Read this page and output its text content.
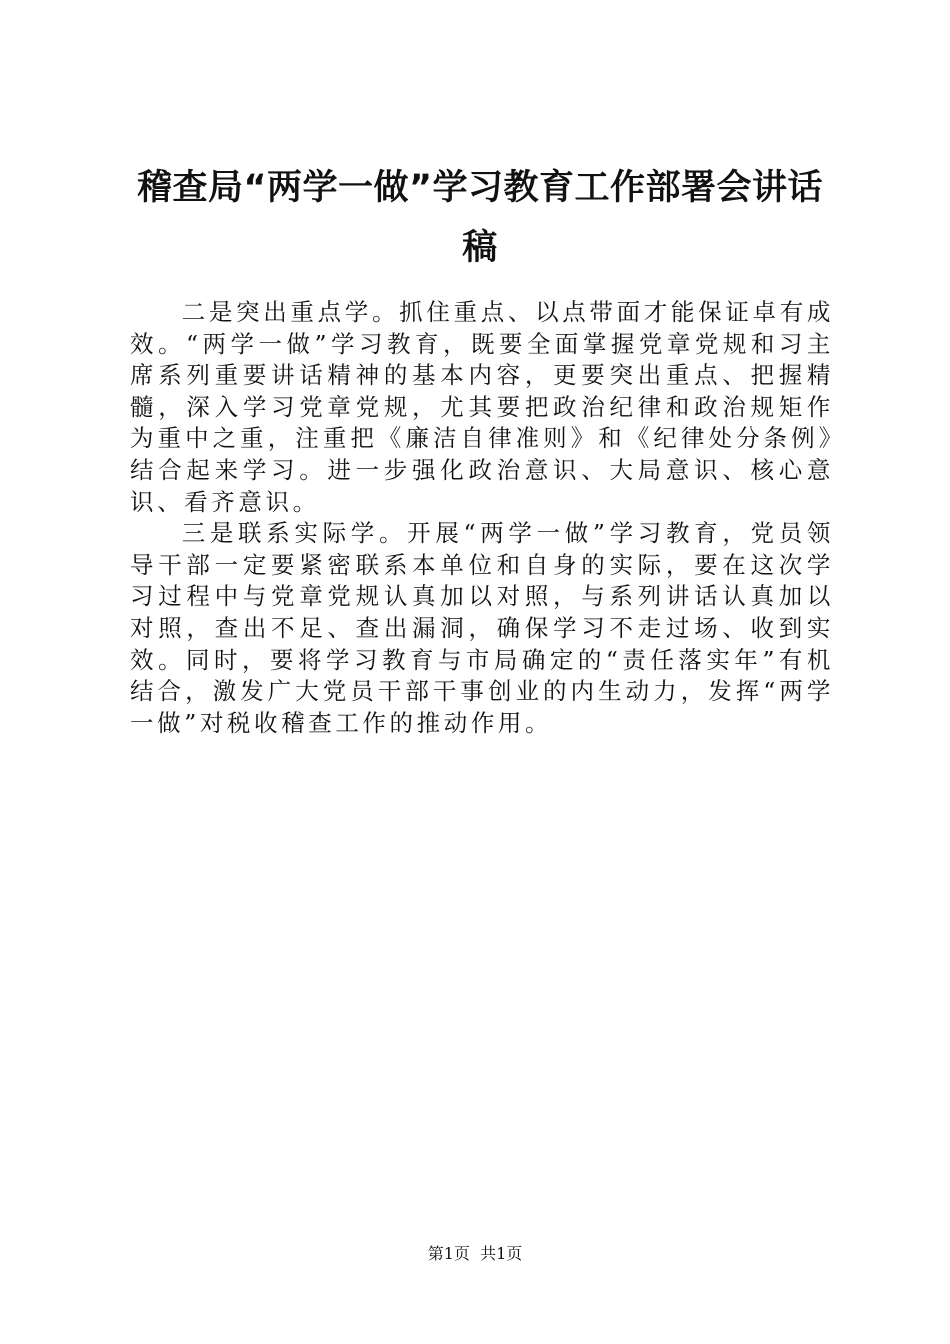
稽查局“两学一做”学习教育工作部署会讲话稿

二是突出重点学。抓住重点、以点带面才能保证卓有成效。“两学一做”学习教育，既要全面掌握党章党规和习主席系列重要讲话精神的基本内容，更要突出重点、把握精髓，深入学习党章党规，尤其要把政治纪律和政治规矩作为重中之重，注重把《廉洁自律准则》和《纪律处分条例》结合起来学习。进一步强化政治意识、大局意识、核心意识、看齐意识。

三是联系实际学。开展“两学一做”学习教育，党员领导干部一定要紧密联系本单位和自身的实际，要在这次学习过程中与党章党规认真加以对照，与系列讲话认真加以对照，查出不足、查出漏洞，确保学习不走过场、收到实效。同时，要将学习教育与市局确定的“责任落实年”有机结合，激发广大党员干部干事创业的内生动力，发挥“两学一做”对税收稽查工作的推动作用。

第1页  共1页
